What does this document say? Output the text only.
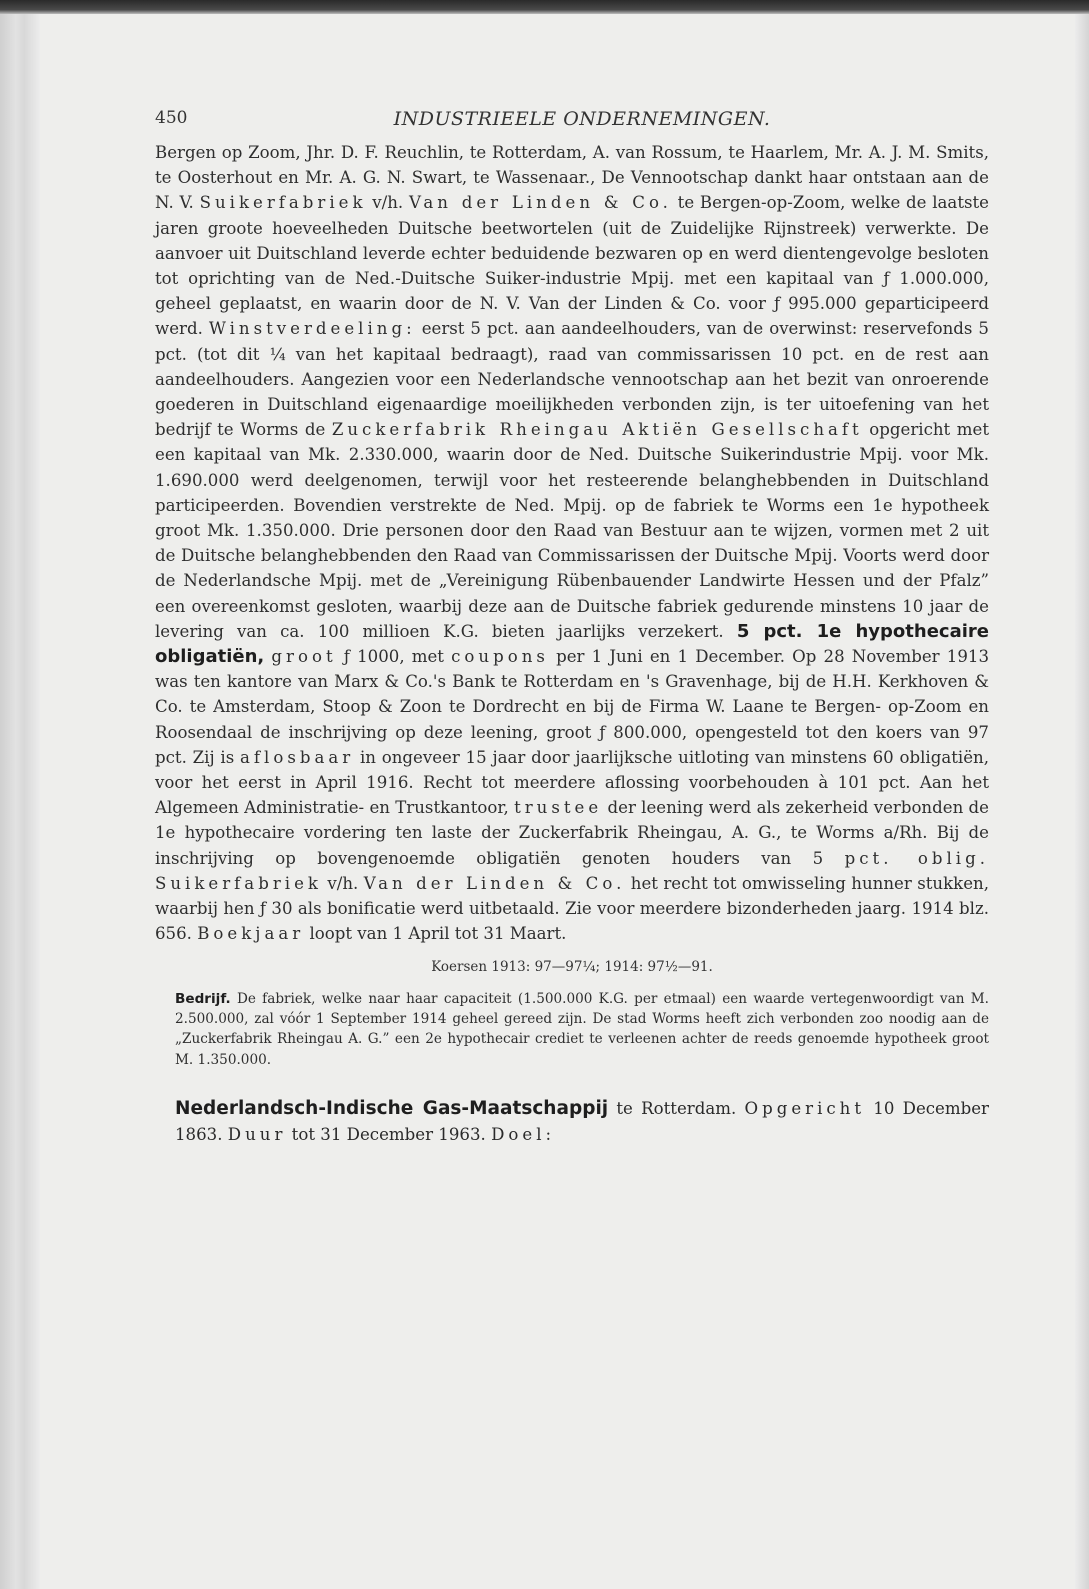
450	INDUSTRIEELE ONDERNEMINGEN.

Bergen op Zoom, Jhr. D. F. Reuchlin, te Rotterdam, A. van Rossum, te Haarlem, Mr. A. J. M. Smits, te Oosterhout en Mr. A. G. N. Swart, te Wassenaar., De Vennootschap dankt haar ontstaan aan de N. V. Suikerfabriek v/h. Van der Linden & Co. te Bergen-op-Zoom, welke de laatste jaren groote hoeveelheden Duitsche beetwortelen (uit de Zuidelijke Rijnstreek) verwerkte. De aanvoer uit Duitschland leverde echter beduidende bezwaren op en werd dientengevolge besloten tot oprichting van de Ned.-Duitsche Suiker-industrie Mpij. met een kapitaal van ƒ 1.000.000, geheel geplaatst, en waarin door de N. V. Van der Linden & Co. voor ƒ 995.000 geparticipeerd werd. Winstverdeeling: eerst 5 pct. aan aandeelhouders, van de overwinst: reservefonds 5 pct. (tot dit ¼ van het kapitaal bedraagt), raad van commissarissen 10 pct. en de rest aan aandeelhouders. Aangezien voor een Nederlandsche vennootschap aan het bezit van onroerende goederen in Duitschland eigenaardige moeilijkheden verbonden zijn, is ter uitoefening van het bedrijf te Worms de Zuckerfabrik Rheingau Aktiën Gesellschaft opgericht met een kapitaal van Mk. 2.330.000, waarin door de Ned. Duitsche Suikerindustrie Mpij. voor Mk. 1.690.000 werd deelgenomen, terwijl voor het resteerende belanghebbenden in Duitschland participeerden. Bovendien verstrekte de Ned. Mpij. op de fabriek te Worms een 1e hypotheek groot Mk. 1.350.000. Drie personen door den Raad van Bestuur aan te wijzen, vormen met 2 uit de Duitsche belanghebbenden den Raad van Commissarissen der Duitsche Mpij. Voorts werd door de Nederlandsche Mpij. met de „Vereinigung Rübenbauender Landwirte Hessen und der Pfalz” een overeenkomst gesloten, waarbij deze aan de Duitsche fabriek gedurende minstens 10 jaar de levering van ca. 100 millioen K.G. bieten jaarlijks verzekert. 5 pct. 1e hypothecaire obligatiën, groot ƒ 1000, met coupons per 1 Juni en 1 December. Op 28 November 1913 was ten kantore van Marx & Co.'s Bank te Rotterdam en 's Gravenhage, bij de H.H. Kerkhoven & Co. te Amsterdam, Stoop & Zoon te Dordrecht en bij de Firma W. Laane te Bergen- op-Zoom en Roosendaal de inschrijving op deze leening, groot ƒ 800.000, opengesteld tot den koers van 97 pct. Zij is aflosbaar in ongeveer 15 jaar door jaarlijksche uitloting van minstens 60 obligatiën, voor het eerst in April 1916. Recht tot meerdere aflossing voorbehouden à 101 pct. Aan het Algemeen Administratie- en Trustkantoor, trustee der leening werd als zekerheid verbonden de 1e hypothecaire vordering ten laste der Zuckerfabrik Rheingau, A. G., te Worms a/Rh. Bij de inschrijving op bovengenoemde obligatiën genoten houders van 5 pct. oblig. Suikerfabriek v/h. Van der Linden & Co. het recht tot omwisseling hunner stukken, waarbij hen ƒ 30 als bonificatie werd uitbetaald. Zie voor meerdere bizonderheden jaarg. 1914 blz. 656. Boekjaar loopt van 1 April tot 31 Maart.

Koersen 1913: 97—97¼; 1914: 97½—91.

Bedrijf. De fabriek, welke naar haar capaciteit (1.500.000 K.G. per etmaal) een waarde vertegenwoordigt van M. 2.500.000, zal vóór 1 September 1914 geheel gereed zijn. De stad Worms heeft zich verbonden zoo noodig aan de „Zuckerfabrik Rheingau A. G.” een 2e hypothecair crediet te verleenen achter de reeds genoemde hypotheek groot M. 1.350.000.

Nederlandsch-Indische Gas-Maatschappij te Rotterdam. Opgericht 10 December 1863. Duur tot 31 December 1963. Doel:
